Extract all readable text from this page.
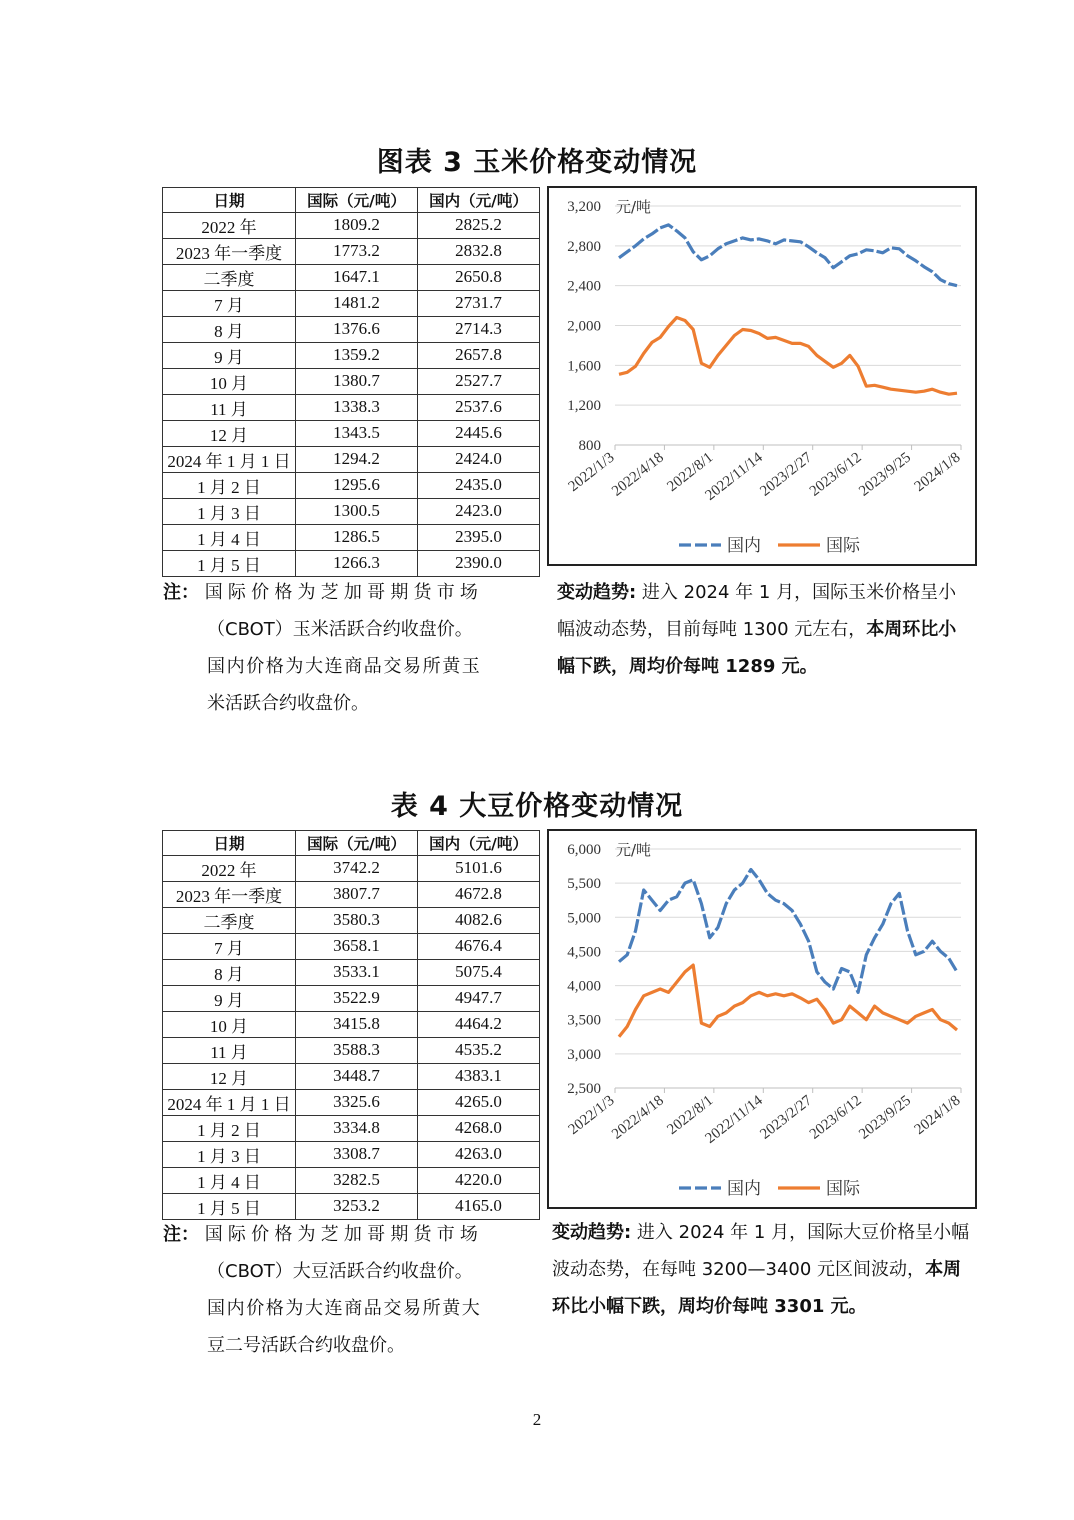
图表 3 玉米价格变动情况
日期	国际（元/吨）	国内（元/吨）
2022 年	1809.2	2825.2
2023 年一季度	1773.2	2832.8
二季度	1647.1	2650.8
7 月	1481.2	2731.7
8 月	1376.6	2714.3
9 月	1359.2	2657.8
10 月	1380.7	2527.7
11 月	1338.3	2537.6
12 月	1343.5	2445.6
2024 年 1 月 1 日	1294.2	2424.0
1 月 2 日	1295.6	2435.0
1 月 3 日	1300.5	2423.0
1 月 4 日	1286.5	2395.0
1 月 5 日	1266.3	2390.0
800
1,200
1,600
2,000
2,400
2,800
3,200 元/吨
2022/1/3
2022/4/18
2022/8/1
2022/11/14
2023/2/27
2023/6/12
2023/9/25
2024/1/8
国内	国际
注： 国际价格为芝加哥期货市场
（CBOT）玉米活跃合约收盘价。
国内价格为大连商品交易所黄玉
米活跃合约收盘价。
变动趋势: 进入 2024 年 1 月，国际玉米价格呈小幅波动态势，目前每吨 1300 元左右，本周环比小幅下跌，周均价每吨 1289 元。
表 4 大豆价格变动情况
日期	国际（元/吨）	国内（元/吨）
2022 年	3742.2	5101.6
2023 年一季度	3807.7	4672.8
二季度	3580.3	4082.6
7 月	3658.1	4676.4
8 月	3533.1	5075.4
9 月	3522.9	4947.7
10 月	3415.8	4464.2
11 月	3588.3	4535.2
12 月	3448.7	4383.1
2024 年 1 月 1 日	3325.6	4265.0
1 月 2 日	3334.8	4268.0
1 月 3 日	3308.7	4263.0
1 月 4 日	3282.5	4220.0
1 月 5 日	3253.2	4165.0
2,500
3,000
3,500
4,000
4,500
5,000
5,500
6,000 元/吨
2022/1/3
2022/4/18
2022/8/1
2022/11/14
2023/2/27
2023/6/12
2023/9/25
2024/1/8
国内	国际
注： 国际价格为芝加哥期货市场
（CBOT）大豆活跃合约收盘价。
国内价格为大连商品交易所黄大
豆二号活跃合约收盘价。
变动趋势: 进入 2024 年 1 月，国际大豆价格呈小幅波动态势，在每吨 3200—3400 元区间波动，本周环比小幅下跌，周均价每吨 3301 元。
2
